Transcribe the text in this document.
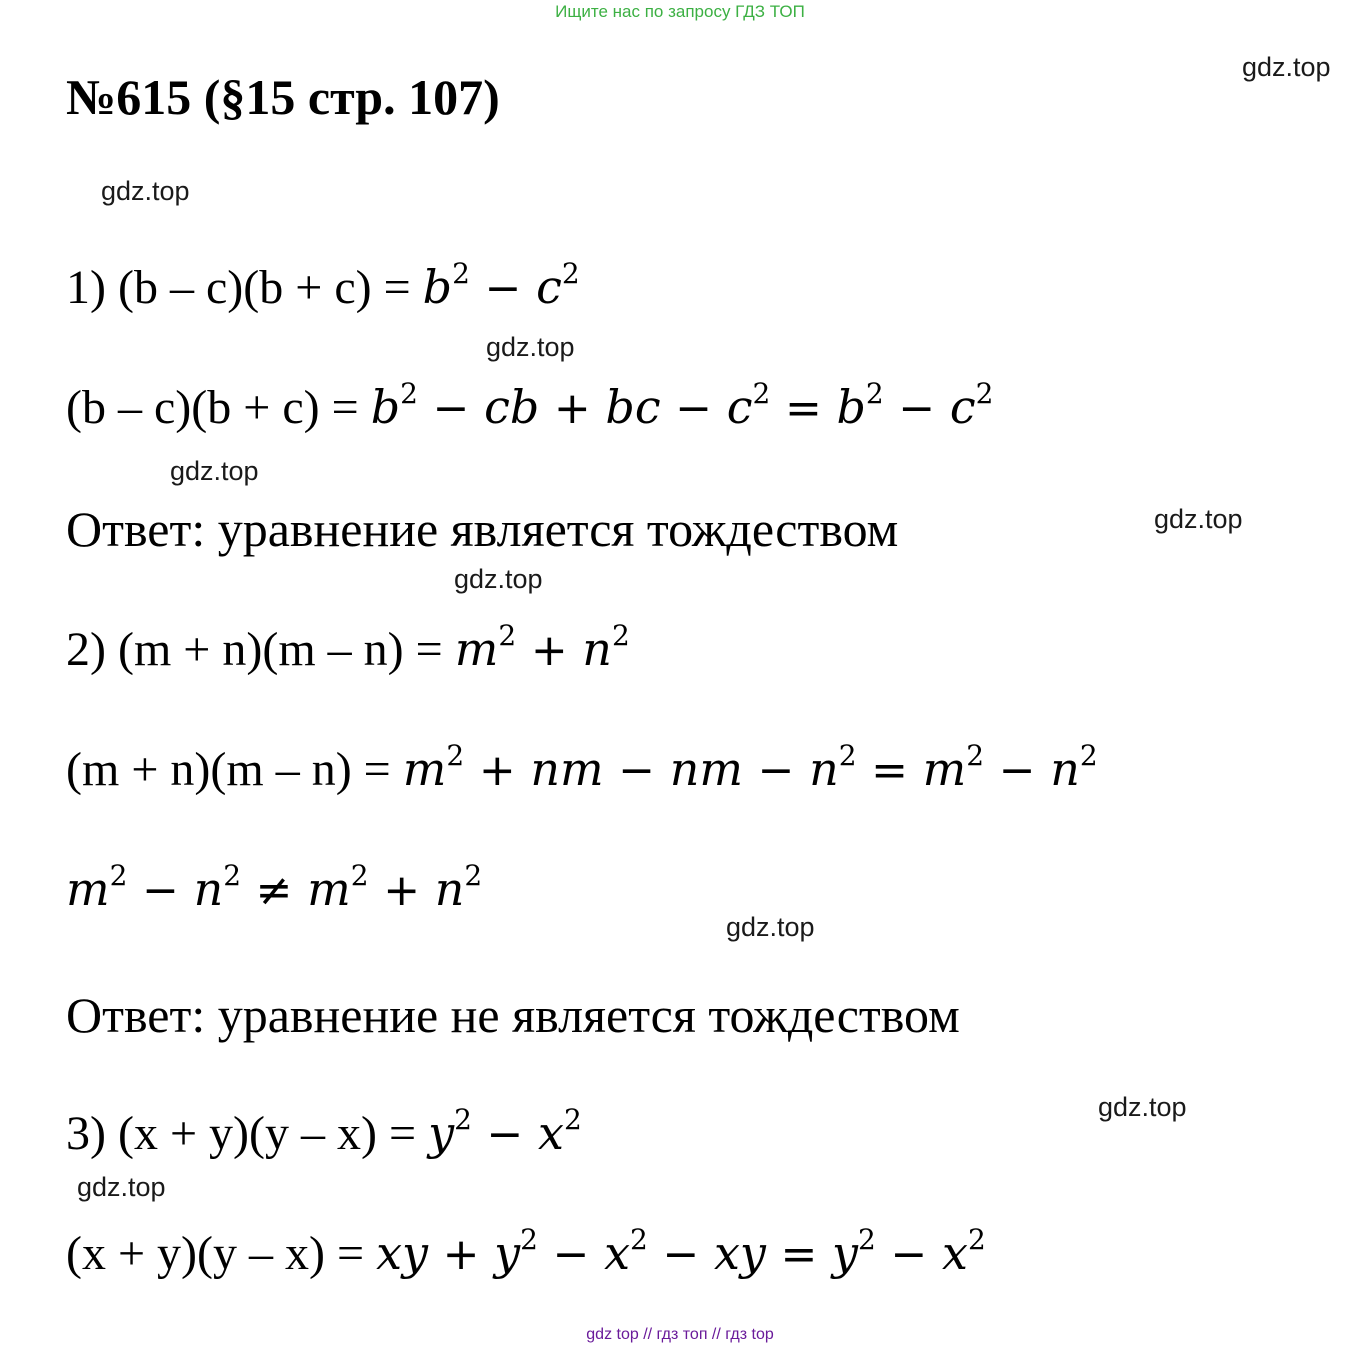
Ищите нас по запросу ГДЗ ТОП
№615 (§15 стр. 107)
gdz.top
gdz.top
gdz.top
gdz.top
gdz.top
gdz.top
gdz.top
gdz.top
gdz.top
1) $(b - c)(b + c) = b^2 - c^2$
$(b - c)(b + c) = b^2$ − cb + bc − $c^2 = b^2 - c^2$
Ответ: уравнение является тождеством
2) $(m + n)(m - n) = m^2 + n^2$
$(m + n)(m - n) = m^2$ + nm − nm − $n^2 = m^2 - n^2$
$m^2 - n^2 \ne m^2 + n^2$
Ответ: уравнение не является тождеством
3) $(x + y)(y - x) = y^2 - x^2$
(x + y)(y – x) = xy + $y^2 - x^2$ − xy = $y^2 - x^2$
gdz top // гдз топ // гдз top
